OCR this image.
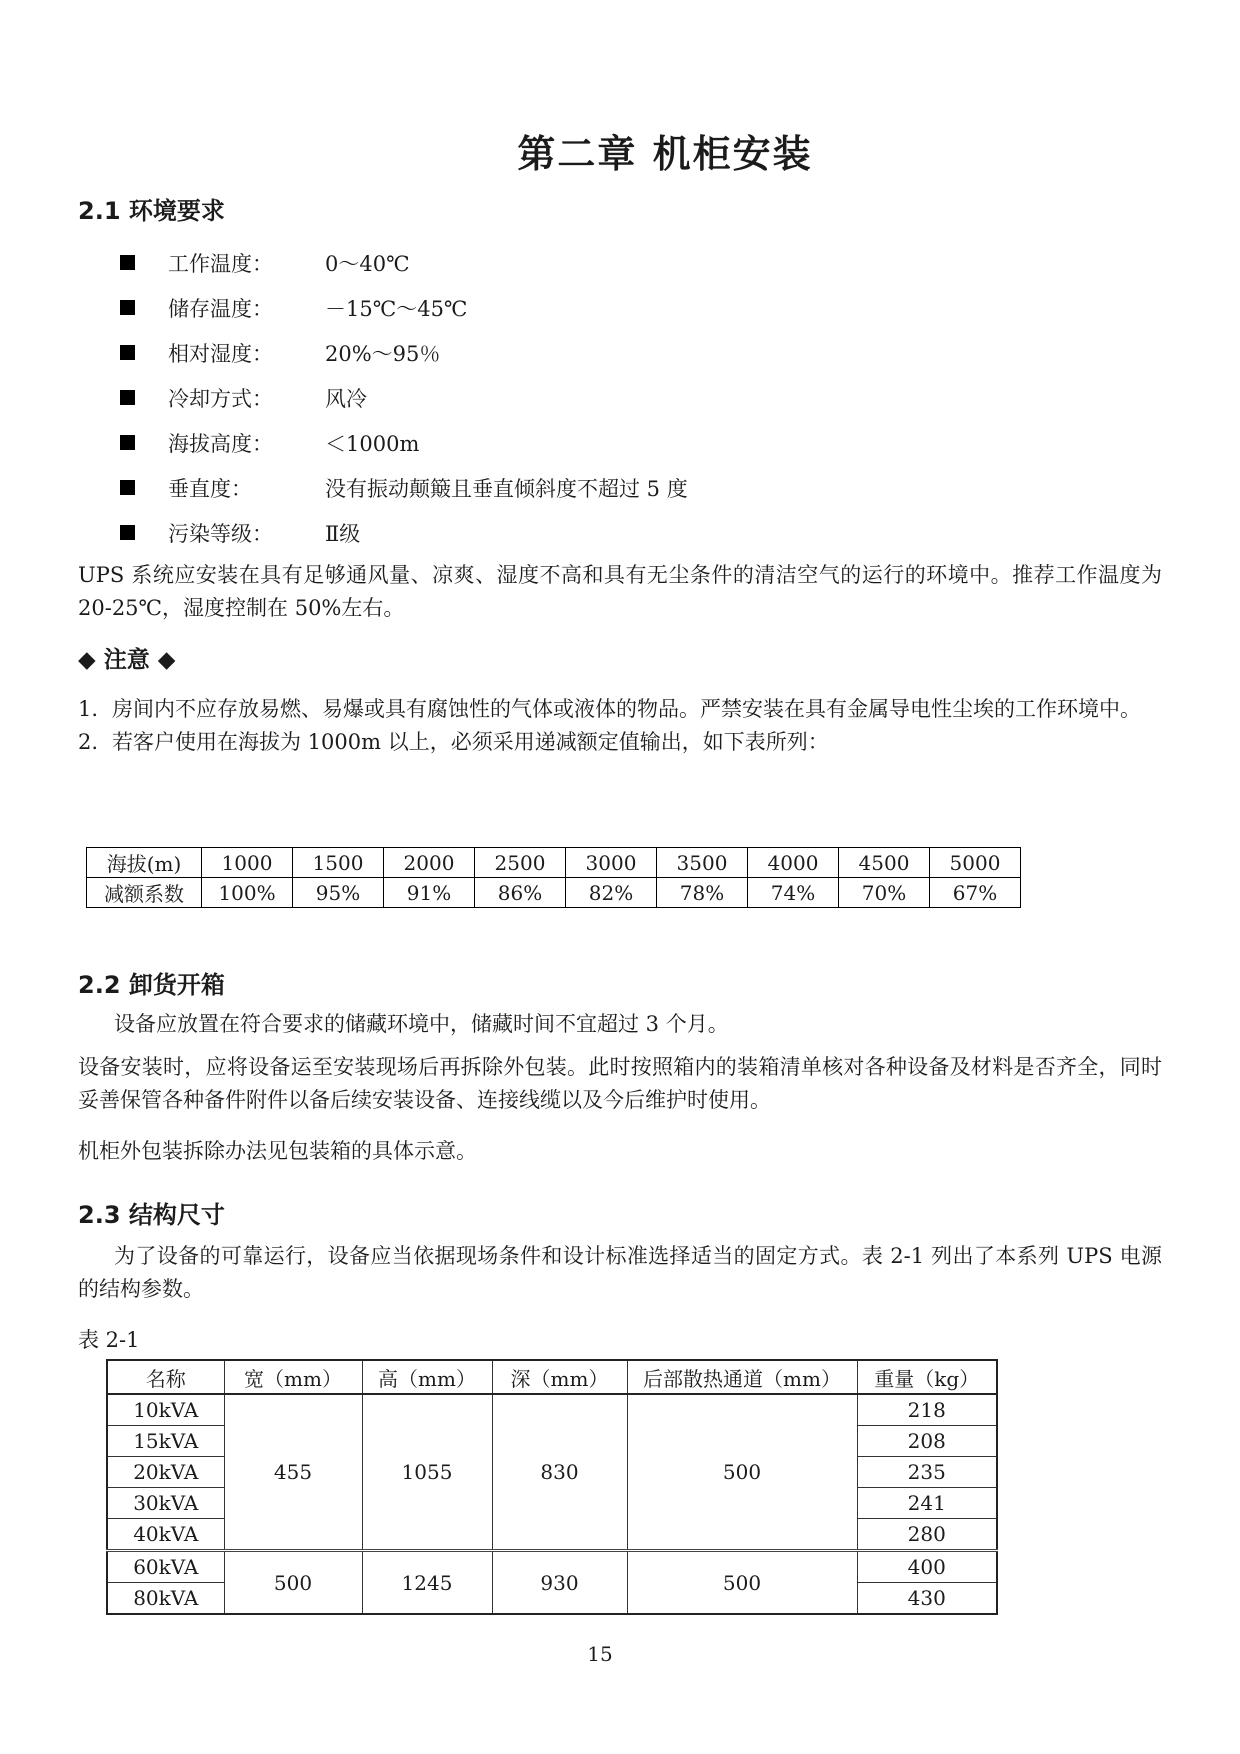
第二章 机柜安装
2.1 环境要求
工作温度：	0～40℃
储存温度：	－15℃～45℃
相对湿度：	20%～95％
冷却方式：	风冷
海拔高度：	＜1000m
垂直度：	没有振动颠簸且垂直倾斜度不超过 5 度
污染等级：	Ⅱ级

UPS 系统应安装在具有足够通风量、凉爽、湿度不高和具有无尘条件的清洁空气的运行的环境中。推荐工作温度为 20-25℃，湿度控制在 50%左右。

◆ 注意 ◆
1. 房间内不应存放易燃、易爆或具有腐蚀性的气体或液体的物品。严禁安装在具有金属导电性尘埃的工作环境中。
2. 若客户使用在海拔为 1000m 以上，必须采用递减额定值输出，如下表所列：
海拔(m)	1000	1500	2000	2500	3000	3500	4000	4500	5000
减额系数	100%	95%	91%	86%	82%	78%	74%	70%	67%
2.2 卸货开箱

设备应放置在符合要求的储藏环境中，储藏时间不宜超过 3 个月。

设备安装时，应将设备运至安装现场后再拆除外包装。此时按照箱内的装箱清单核对各种设备及材料是否齐全，同时妥善保管各种备件附件以备后续安装设备、连接线缆以及今后维护时使用。

机柜外包装拆除办法见包装箱的具体示意。

2.3 结构尺寸

为了设备的可靠运行，设备应当依据现场条件和设计标准选择适当的固定方式。表 2-1 列出了本系列 UPS 电源的结构参数。

表 2-1
名称	宽（mm）	高（mm）	深（mm）	后部散热通道（mm）	重量（kg）
10kVA	455	1055	830	500	218
15kVA					208
20kVA					235
30kVA					241
40kVA					280
60kVA	500	1245	930	500	400
80kVA					430
15
